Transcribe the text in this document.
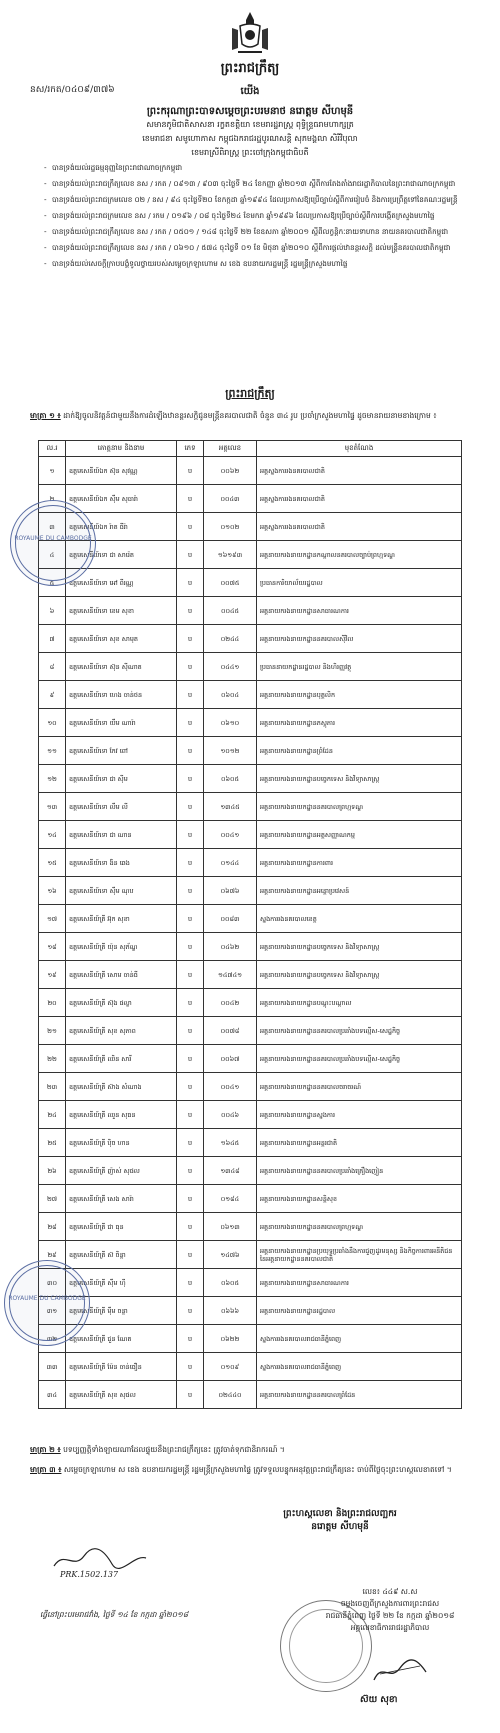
ព្រះរាជក្រឹត្យ
នស/រកត/០៤០៩/៣៧៦	យើង
ព្រះករុណាព្រះបាទសម្តេចព្រះបរមនាថ នរោត្តម សីហមុនី
សមានភូមិជាតិសាសនា រក្ខតខត្តិយា ខេមរារដ្ឋរាស្ត្រ ពុទ្ធិន្ទ្រធរាមហាក្សត្រ
ខេមរាជនា សមូហោភាស កម្ពុជឯករាជរដ្ឋបូរណសន្តិ សុភមង្គលា សិរីវិបុលា
ខេមរាស្រីពិរាស្ត្រ ព្រះចៅក្រុងកម្ពុជាធិបតី
- បានទ្រង់យល់រដ្ឋធម្មនុញ្ញនៃព្រះរាជាណាចក្រកម្ពុជា
- បានទ្រង់យល់ព្រះរាជក្រឹត្យលេខ នស / រកត / ០៩១៣ / ៩០៣ ចុះថ្ងៃទី ២៤ ខែកញ្ញា ឆ្នាំ២០១៣ ស្តីពីការតែងតាំងរាជរដ្ឋាភិបាលនៃព្រះរាជាណាចក្រកម្ពុជា
- បានទ្រង់យល់ព្រះរាជក្រមលេខ ០២ / នស / ៩៤ ចុះថ្ងៃទី២០ ខែកក្កដា ឆ្នាំ១៩៩៤ ដែលប្រកាសឱ្យប្រើច្បាប់ស្តីពីការរៀបចំ និងការប្រព្រឹត្តទៅនៃគណៈរដ្ឋមន្ត្រី
- បានទ្រង់យល់ព្រះរាជក្រមលេខ នស / រកម / ០១៩៦ / ០៨ ចុះថ្ងៃទី២៤ ខែមករា ឆ្នាំ១៩៩៦ ដែលប្រកាសឱ្យប្រើច្បាប់ស្តីពីការបង្កើតក្រសួងមហាផ្ទៃ
- បានទ្រង់យល់ព្រះរាជក្រឹត្យលេខ នស / រកត / ០៥០១ / ១៤៨ ចុះថ្ងៃទី ២២ ខែឧសភា ឆ្នាំ២០០១ ស្តីពីលក្ខន្តិកៈនាយទាហាន នាយនគរបាលជាតិកម្ពុជា
- បានទ្រង់យល់ព្រះរាជក្រឹត្យលេខ នស / រកត / ០៦១០ / ៥៧៤ ចុះថ្ងៃទី ០១ ខែ មិថុនា ឆ្នាំ២០១០ ស្តីពីការផ្តល់ឋានន្តរសក្តិ ដល់មន្ត្រីនគរបាលជាតិកម្ពុជា
- បានទ្រង់យល់សេចក្តីក្រាបបង្គំទូលថ្វាយរបស់សម្តេចក្រឡាហោម ស ខេង ឧបនាយករដ្ឋមន្ត្រី រដ្ឋមន្ត្រីក្រសួងមហាផ្ទៃ
ព្រះរាជក្រឹត្យ
មាត្រា ១ ៖ ដាក់ឱ្យចូលនិវត្តន៍ជាមួយនឹងការដំឡើងឋានន្តរសក្តិជូនមន្ត្រីនគរបាលជាតិ ចំនួន ៣៤ រូប ប្រចាំក្រសួងមហាផ្ទៃ ដូចមានរាយនាមខាងក្រោម ៖
ល.រ	គោត្តនាម និងនាម	ភេទ	អត្តលេខ	មុខតំណែង
១	ឧត្តមសេនីយ៍ឯក ស៊ុន សុវណ្ណ	ប	០០៦២	អគ្គស្នងការរងនគរបាលជាតិ
២	ឧត្តមសេនីយ៍ឯក ស៊ឹម សុធារ៉ា	ប	០០៤៣	អគ្គស្នងការរងនគរបាលជាតិ
៣	ឧត្តមសេនីយ៍ឯក រ៉ាត ធីរ៉ា	ប	០១០២	អគ្គស្នងការរងនគរបាលជាតិ
៤	ឧត្តមសេនីយ៍ទោ ជា សារ៉េត	ប	១៦១៩៣	អគ្គនាយករងនាយកដ្ឋានកណ្តាលនគរបាលច្បាប់ព្រហ្មទណ្ឌ
៥	ឧត្តមសេនីយ៍ទោ អៅ ពីរណ្ណ	ប	០០៧៥	ប្រធានការិយាល័យរដ្ឋបាល
៦	ឧត្តមសេនីយ៍ទោ ខេម សុខា	ប	០០៤៥	អគ្គនាយករងនាយកដ្ឋានសាធារណការ
៧	ឧត្តមសេនីយ៍ទោ សុខ សាមុត	ប	០២៤៤	អគ្គនាយករងនាយកដ្ឋាននគរបាលស៊ីវិល
៨	ឧត្តមសេនីយ៍ទោ ស៊ុន ស៊ីណាត	ប	០៤៤១	ប្រធាននាយកដ្ឋានរដ្ឋបាល និងហិរញ្ញវត្ថុ
៩	ឧត្តមសេនីយ៍ទោ ហេង ចាន់ថន	ប	០៦០៤	អគ្គនាយករងនាយកដ្ឋានបុគ្គលិក
១០	ឧត្តមសេនីយ៍ទោ យឹម ណារ៉ា	ប	០៦១០	អគ្គនាយករងនាយកដ្ឋានភស្តុភារ
១១	ឧត្តមសេនីយ៍ទោ កែវ ពៅ	ប	១០១២	អគ្គនាយករងនាយកដ្ឋានព្រំដែន
១២	ឧត្តមសេនីយ៍ទោ ជា ស៊ីម	ប	០៦០៥	អគ្គនាយករងនាយកដ្ឋានបច្ចេកទេស និងវិទ្យាសាស្ត្រ
១៣	ឧត្តមសេនីយ៍ទោ លឹម លី	ប	១៣៤៥	អគ្គនាយករងនាយកដ្ឋាននគរបាលព្រហ្មទណ្ឌ
១៤	ឧត្តមសេនីយ៍ទោ ជា ណាន	ប	០០៤១	អគ្គនាយករងនាយកដ្ឋានអត្តសញ្ញាណកម្ម
១៥	ឧត្តមសេនីយ៍ទោ ងិន ឆេង	ប	០១៤៤	អគ្គនាយករងនាយកដ្ឋានការពារ
១៦	ឧត្តមសេនីយ៍ទោ ស៊ឹម ណុប	ប	០៦៧៦	អគ្គនាយករងនាយកដ្ឋានអន្តោប្រវេសន៍
១៧	ឧត្តមសេនីយ៍ត្រី អ៊ុក សុខា	ប	០០៨៣	ស្នងការរងនគរបាលខេត្ត
១៨	ឧត្តមសេនីយ៍ត្រី យ៉ុន សុភ័ណ្ឌ	ប	០៤៦២	អគ្គនាយករងនាយកដ្ឋានបច្ចេកទេស និងវិទ្យាសាស្ត្រ
១៩	ឧត្តមសេនីយ៍ត្រី សោម ចាន់ធី	ប	១៤៧៤១	អគ្គនាយករងនាយកដ្ឋានបច្ចេកទេស និងវិទ្យាសាស្ត្រ
២០	ឧត្តមសេនីយ៍ត្រី ស៊ុង ផល្លា	ប	០០៤២	អគ្គនាយករងនាយកដ្ឋានបណ្តុះបណ្តាល
២១	ឧត្តមសេនីយ៍ត្រី សុខ សុភាព	ប	០០៧៨	អគ្គនាយករងនាយកដ្ឋាននគរបាលប្រឆាំងបទល្មើស-សេដ្ឋកិច្ច
២២	ឧត្តមសេនីយ៍ត្រី ឈិន សារី	ប	០០៦៧	អគ្គនាយករងនាយកដ្ឋាននគរបាលប្រឆាំងបទល្មើស-សេដ្ឋកិច្ច
២៣	ឧត្តមសេនីយ៍ត្រី ស៊ាង សំណាង	ប	០០៤១	អគ្គនាយករងនាយកដ្ឋាននគរបាលចរាចរណ៍
២៤	ឧត្តមសេនីយ៍ត្រី ឈួន សុធន	ប	០០៤៦	អគ្គនាយករងនាយកដ្ឋានស្នងការ
២៥	ឧត្តមសេនីយ៍ត្រី ប៉ិច ហាន	ប	១៦៤៥	អគ្គនាយករងនាយកដ្ឋានអន្តរជាតិ
២៦	ឧត្តមសេនីយ៍ត្រី ញ៉ាស់ សុផល	ប	១៣៤៨	អគ្គនាយករងនាយកដ្ឋាននគរបាលប្រឆាំងគ្រឿងញៀន
២៧	ឧត្តមសេនីយ៍ត្រី សេង សារ៉ា	ប	០១៨៤	អគ្គនាយករងនាយកដ្ឋានសន្តិសុខ
២៨	ឧត្តមសេនីយ៍ត្រី ជា ធុន	ប	០៦១៣	អគ្គនាយករងនាយកដ្ឋាននគរបាលព្រហ្មទណ្ឌ
២៩	ឧត្តមសេនីយ៍ត្រី ស៊ ចិន្តា	ប	១៤៧៦	អគ្គនាយករងនាយកដ្ឋានប្រយុទ្ធប្រឆាំងនឹងការជួញដូរមនុស្ស និងកិច្ចការពារអនីតិជន នៃអគ្គនាយកដ្ឋាននគរបាលជាតិ
៣០	ឧត្តមសេនីយ៍ត្រី ស៊ឹម ហ៊ី	ប	០៦០៥	អគ្គនាយករងនាយកដ្ឋានសាធារណការ
៣១	ឧត្តមសេនីយ៍ត្រី ម៉ឹម ចន្ថា	ប	០៦៦៦	អគ្គនាយករងនាយកដ្ឋានរដ្ឋបាល
៣២	ឧត្តមសេនីយ៍ត្រី ជួន ណែត	ប	០៦២២	ស្នងការរងនគរបាលរាជធានីភ្នំពេញ
៣៣	ឧត្តមសេនីយ៍ត្រី ម៉ែន ចាន់ធឿន	ប	០១០៩	ស្នងការរងនគរបាលរាជធានីភ្នំពេញ
៣៤	ឧត្តមសេនីយ៍ត្រី សុខ សុផល	ប	០២៤៤០	អគ្គនាយករងនាយកដ្ឋាននគរបាលព្រំដែន
ROYAUME DU CAMBODGE
ROYAUME DU CAMBODGE
មាត្រា ២ ៖ បទប្បញ្ញត្តិទាំងឡាយណាដែលផ្ទុយនឹងព្រះរាជក្រឹត្យនេះ ត្រូវចាត់ទុកជានិរាករណ៍ ។
មាត្រា ៣ ៖ សម្តេចក្រឡាហោម ស ខេង ឧបនាយករដ្ឋមន្ត្រី រដ្ឋមន្ត្រីក្រសួងមហាផ្ទៃ ត្រូវទទួលបន្ទុកអនុវត្តព្រះរាជក្រឹត្យនេះ ចាប់ពីថ្ងៃចុះព្រះហស្តលេខាតទៅ ។
ព្រះហស្តលេខា និងព្រះរាជលញ្ឆករ
នរោត្តម សីហមុនី
PRK.1502.137
ធ្វើនៅព្រះបរមរាជវាំង, ថ្ងៃទី ១៤ ខែ កក្កដា ឆ្នាំ២០១៨
លេខ៖ ៤៤៩ ស.ស
ចម្លងចេញពីក្រសួងការពារព្រះរាជស
រាជធានីភ្នំពេញ ថ្ងៃទី ២២ ខែ កក្កដា ឆ្នាំ២០១៨
អគ្គលេខាធិការរាជរដ្ឋាភិបាល
ស៊យ សុខា
